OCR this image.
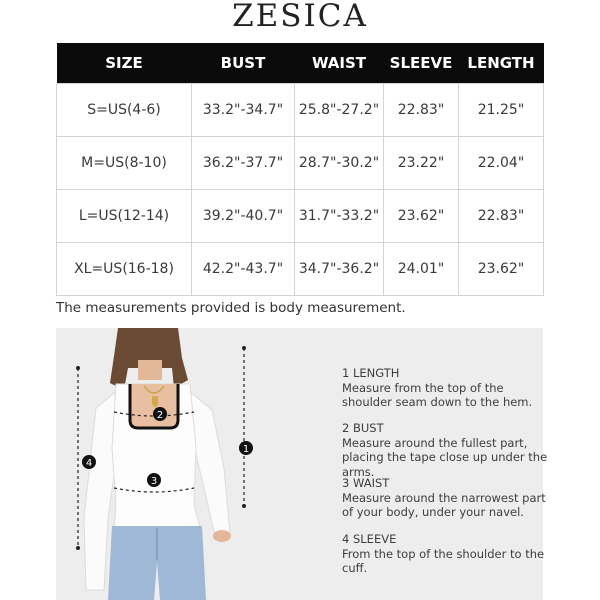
ZESICA
SIZE	BUST	WAIST	SLEEVE	LENGTH
S=US(4-6)	33.2"-34.7"	25.8"-27.2"	22.83"	21.25"
M=US(8-10)	36.2"-37.7"	28.7"-30.2"	23.22"	22.04"
L=US(12-14)	39.2"-40.7"	31.7"-33.2"	23.62"	22.83"
XL=US(16-18)	42.2"-43.7"	34.7"-36.2"	24.01"	23.62"
The measurements provided is body measurement.
2
3
1
4
1 LENGTH
Measure from the top of the shoulder seam down to the hem.
2 BUST
Measure around the fullest part, placing the tape close up under the arms.
3 WAIST
Measure around the narrowest part of your body, under your navel.
4 SLEEVE
From the top of the shoulder to the cuff.
